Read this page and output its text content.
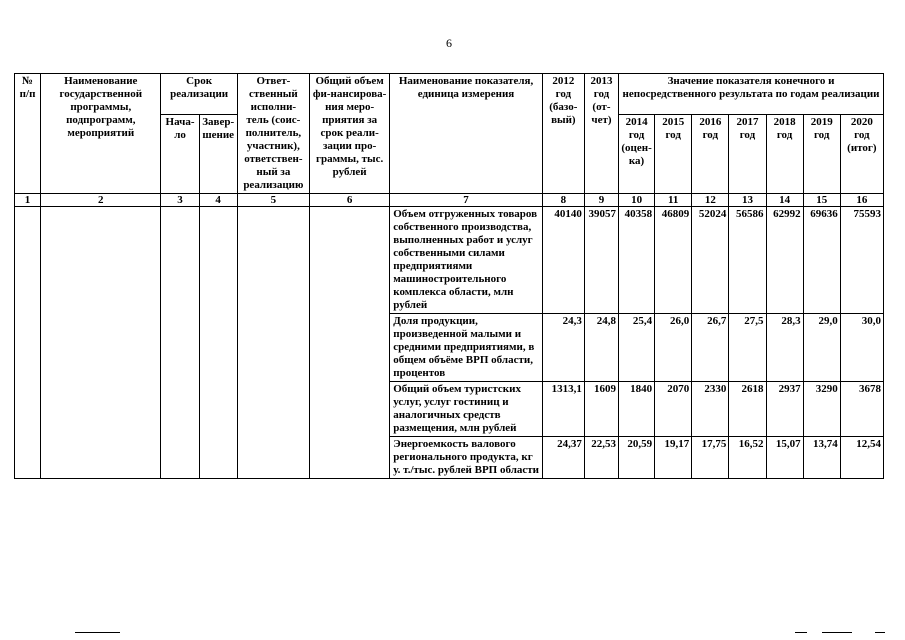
6
№ п/п	Наименование государственной программы, подпрограмм, мероприятий	Срок реализации		Ответ-ственный исполни-тель (соис-полнитель, участник), ответствен-ный за реализацию	Общий объем фи-нансирова-ния меро-приятия за срок реали-зации про-граммы, тыс. рублей	Наименование показателя, единица измерения	2012 год (базо-вый)	2013 год (от-чет)	Значение показателя конечного и непосредственного результата по годам реализации						
		Нача-ло	Завер-шение						2014 год (оцен-ка)	2015 год	2016 год	2017 год	2018 год	2019 год	2020 год (итог)
1	2	3	4	5	6	7	8	9	10	11	12	13	14	15	16
						Объем отгруженных товаров собственного производства, выполненных работ и услуг собственными силами предприятиями машиностроительного комплекса области, млн рублей	40140	39057	40358	46809	52024	56586	62992	69636	75593
						Доля продукции, произведенной малыми и средними предприятиями, в общем объёме ВРП области, процентов	24,3	24,8	25,4	26,0	26,7	27,5	28,3	29,0	30,0
						Общий объем туристских услуг, услуг гостиниц и аналогичных средств размещения, млн рублей	1313,1	1609	1840	2070	2330	2618	2937	3290	3678
						Энергоемкость валового регионального продукта, кг у. т./тыс. рублей ВРП области	24,37	22,53	20,59	19,17	17,75	16,52	15,07	13,74	12,54
